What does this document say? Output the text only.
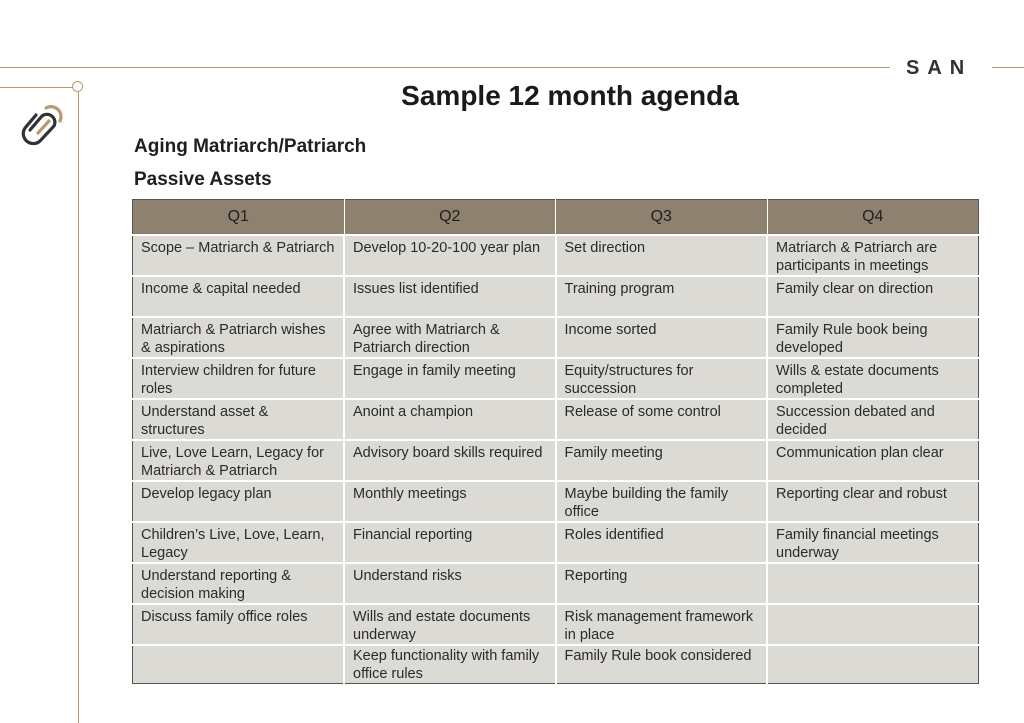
SAN
Sample 12 month agenda
Aging Matriarch/Patriarch
Passive Assets
Q1	Q2	Q3	Q4
Scope – Matriarch & Patriarch	Develop 10-20-100 year plan	Set direction	Matriarch & Patriarch are participants in meetings
Income & capital needed	Issues list identified	Training program	Family clear on direction
Matriarch & Patriarch wishes & aspirations	Agree with Matriarch & Patriarch direction	Income sorted	Family Rule book being developed
Interview children for future roles	Engage in family meeting	Equity/structures for succession	Wills & estate documents completed
Understand asset & structures	Anoint a champion	Release of some control	Succession debated and decided
Live, Love Learn, Legacy for Matriarch & Patriarch	Advisory board skills required	Family meeting	Communication plan clear
Develop legacy plan	Monthly meetings	Maybe building the family office	Reporting clear and robust
Children’s Live, Love, Learn, Legacy	Financial reporting	Roles identified	Family financial meetings underway
Understand reporting & decision making	Understand risks	Reporting	
Discuss family office roles	Wills and estate documents underway	Risk management framework in place	
	Keep functionality with family office rules	Family Rule book considered	
